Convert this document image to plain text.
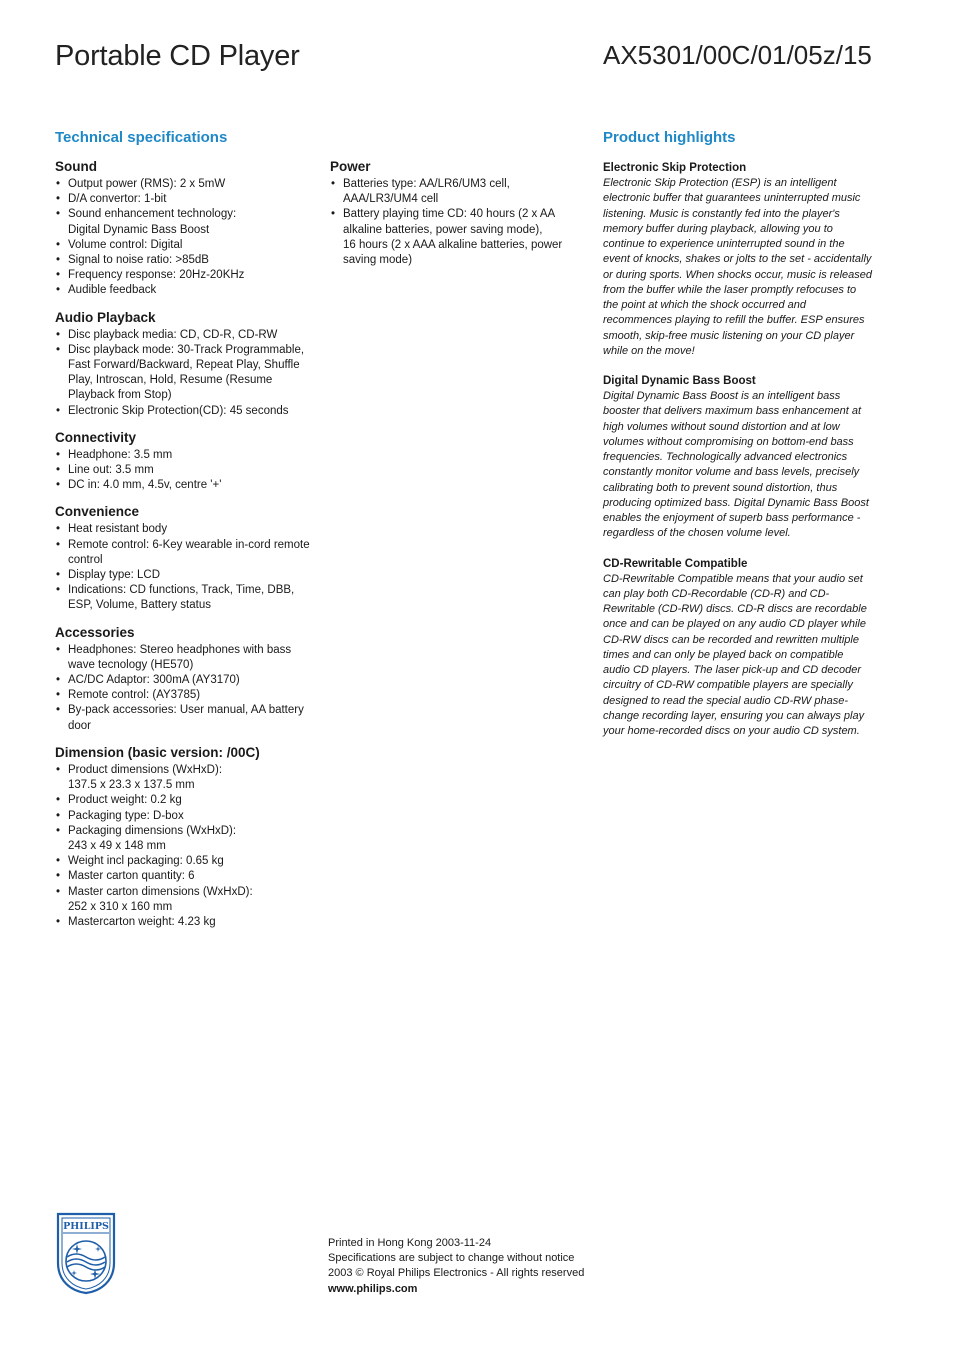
Portable CD Player	AX5301/00C/01/05z/15
Technical specifications	Product highlights
Sound
• Output power (RMS): 2 x 5mW
• D/A convertor: 1-bit
• Sound enhancement technology:
Digital Dynamic Bass Boost
• Volume control: Digital
• Signal to noise ratio: >85dB
• Frequency response: 20Hz-20KHz
• Audible feedback
Audio Playback
• Disc playback media: CD, CD-R, CD-RW
• Disc playback mode: 30-Track Programmable, Fast Forward/Backward, Repeat Play, Shuffle Play, Introscan, Hold, Resume (Resume Playback from Stop)
• Electronic Skip Protection(CD): 45 seconds
Connectivity
• Headphone: 3.5 mm
• Line out: 3.5 mm
• DC in: 4.0 mm, 4.5v, centre '+'
Convenience
• Heat resistant body
• Remote control: 6-Key wearable in-cord remote control
• Display type: LCD
• Indications: CD functions, Track, Time, DBB, ESP, Volume, Battery status
Accessories
• Headphones: Stereo headphones with bass wave tecnology (HE570)
• AC/DC Adaptor: 300mA (AY3170)
• Remote control: (AY3785)
• By-pack accessories: User manual, AA battery door
Dimension (basic version: /00C)
• Product dimensions (WxHxD):
137.5 x 23.3 x 137.5 mm
• Product weight: 0.2 kg
• Packaging type: D-box
• Packaging dimensions (WxHxD):
243 x 49 x 148 mm
• Weight incl packaging: 0.65 kg
• Master carton quantity: 6
• Master carton dimensions (WxHxD):
252 x 310 x 160 mm
• Mastercarton weight: 4.23 kg
Power
• Batteries type: AA/LR6/UM3 cell,
AAA/LR3/UM4 cell
• Battery playing time CD: 40 hours (2 x AA alkaline batteries, power saving mode),
16 hours (2 x AAA alkaline batteries, power saving mode)
Electronic Skip Protection

Electronic Skip Protection (ESP) is an intelligent electronic buffer that guarantees uninterrupted music listening. Music is constantly fed into the player's memory buffer during playback, allowing you to continue to experience uninterrupted sound in the event of knocks, shakes or jolts to the set - accidentally or during sports. When shocks occur, music is released from the buffer while the laser promptly refocuses to the point at which the shock occurred and recommences playing to refill the buffer. ESP ensures smooth, skip-free music listening on your CD player while on the move!

Digital Dynamic Bass Boost

Digital Dynamic Bass Boost is an intelligent bass booster that delivers maximum bass enhancement at high volumes without sound distortion and at low volumes without compromising on bottom-end bass frequencies. Technologically advanced electronics constantly monitor volume and bass levels, precisely calibrating both to prevent sound distortion, thus producing optimized bass. Digital Dynamic Bass Boost enables the enjoyment of superb bass performance - regardless of the chosen volume level.

CD-Rewritable Compatible

CD-Rewritable Compatible means that your audio set can play both CD-Recordable (CD-R) and CD-Rewritable (CD-RW) discs. CD-R discs are recordable once and can be played on any audio CD player while CD-RW discs can be recorded and rewritten multiple times and can only be played back on compatible audio CD players. The laser pick-up and CD decoder circuitry of CD-RW compatible players are specially designed to read the special audio CD-RW phase-change recording layer, ensuring you can always play your home-recorded discs on your audio CD system.

PHILIPS
Printed in Hong Kong 2003-11-24
Specifications are subject to change without notice
2003 © Royal Philips Electronics - All rights reserved
www.philips.com
